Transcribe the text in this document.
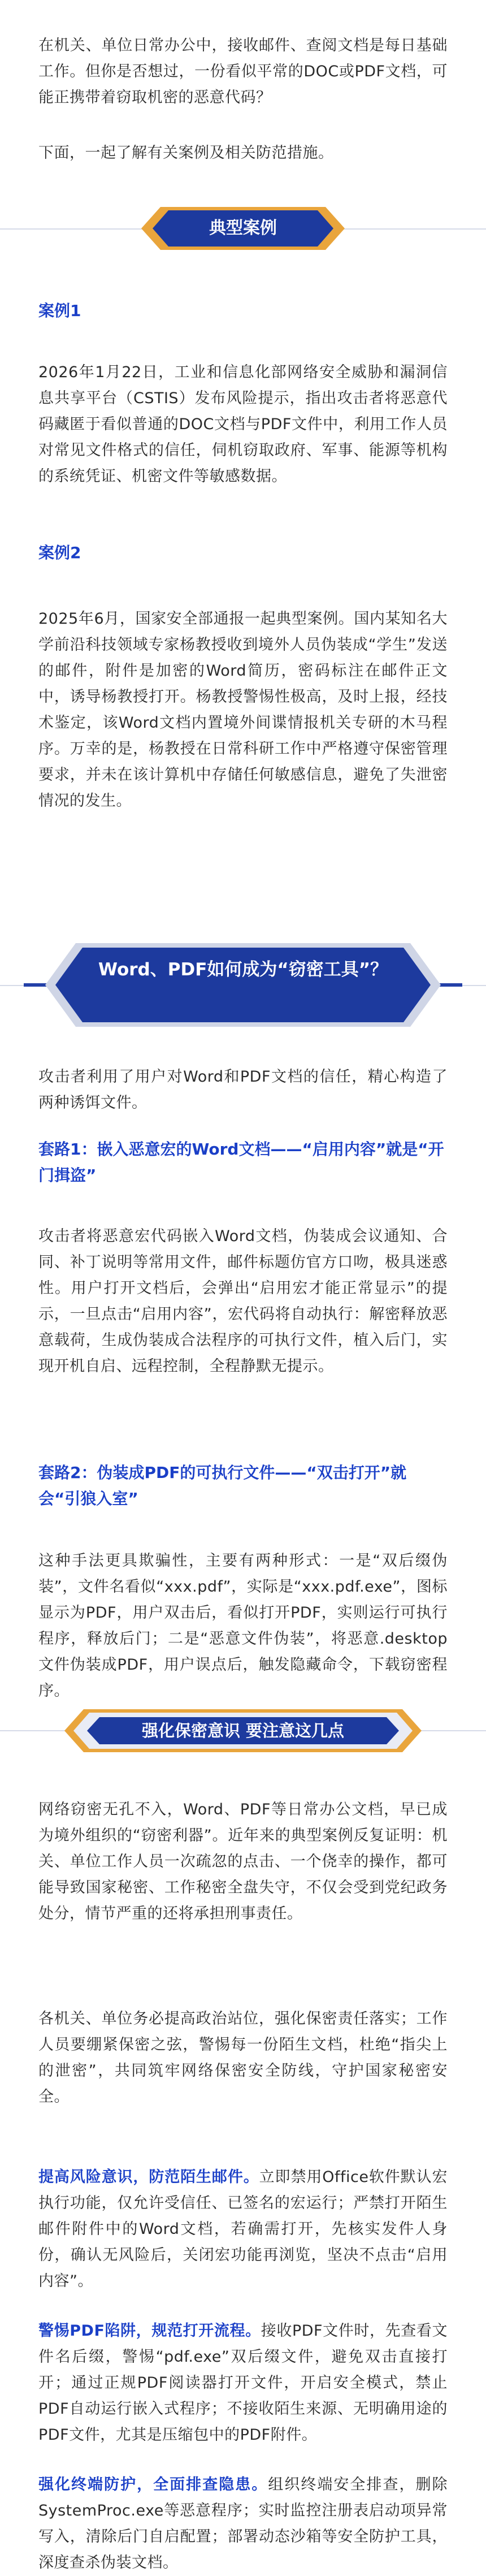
在机关、单位日常办公中，接收邮件、查阅文档是每日基础工作。但你是否想过，一份看似平常的DOC或PDF文档，可能正携带着窃取机密的恶意代码？

下面，一起了解有关案例及相关防范措施。

典型案例

案例1

2026年1月22日，工业和信息化部网络安全威胁和漏洞信息共享平台（CSTIS）发布风险提示，指出攻击者将恶意代码藏匿于看似普通的DOC文档与PDF文件中，利用工作人员对常见文件格式的信任，伺机窃取政府、军事、能源等机构的系统凭证、机密文件等敏感数据。

案例2

2025年6月，国家安全部通报一起典型案例。国内某知名大学前沿科技领域专家杨教授收到境外人员伪装成“学生”发送的邮件，附件是加密的Word简历，密码标注在邮件正文中，诱导杨教授打开。杨教授警惕性极高，及时上报，经技术鉴定，该Word文档内置境外间谍情报机关专研的木马程序。万幸的是，杨教授在日常科研工作中严格遵守保密管理要求，并未在该计算机中存储任何敏感信息，避免了失泄密情况的发生。

Word、PDF如何成为“窃密工具”？

攻击者利用了用户对Word和PDF文档的信任，精心构造了两种诱饵文件。

套路1：嵌入恶意宏的Word文档——“启用内容”就是“开门揖盗”

攻击者将恶意宏代码嵌入Word文档，伪装成会议通知、合同、补丁说明等常用文件，邮件标题仿官方口吻，极具迷惑性。用户打开文档后，会弹出“启用宏才能正常显示”的提示，一旦点击“启用内容”，宏代码将自动执行：解密释放恶意载荷，生成伪装成合法程序的可执行文件，植入后门，实现开机自启、远程控制，全程静默无提示。

套路2：伪装成PDF的可执行文件——“双击打开”就会“引狼入室”

这种手法更具欺骗性，主要有两种形式：一是“双后缀伪装”，文件名看似“xxx.pdf”，实际是“xxx.pdf.exe”，图标显示为PDF，用户双击后，看似打开PDF，实则运行可执行程序，释放后门；二是“恶意文件伪装”，将恶意.desktop文件伪装成PDF，用户误点后，触发隐藏命令，下载窃密程序。

强化保密意识 要注意这几点

网络窃密无孔不入，Word、PDF等日常办公文档，早已成为境外组织的“窃密利器”。近年来的典型案例反复证明：机关、单位工作人员一次疏忽的点击、一个侥幸的操作，都可能导致国家秘密、工作秘密全盘失守，不仅会受到党纪政务处分，情节严重的还将承担刑事责任。

各机关、单位务必提高政治站位，强化保密责任落实；工作人员要绷紧保密之弦，警惕每一份陌生文档，杜绝“指尖上的泄密”，共同筑牢网络保密安全防线，守护国家秘密安全。

提高风险意识，防范陌生邮件。立即禁用Office软件默认宏执行功能，仅允许受信任、已签名的宏运行；严禁打开陌生邮件附件中的Word文档，若确需打开，先核实发件人身份，确认无风险后，关闭宏功能再浏览，坚决不点击“启用内容”。

警惕PDF陷阱，规范打开流程。接收PDF文件时，先查看文件名后缀，警惕“pdf.exe”双后缀文件，避免双击直接打开；通过正规PDF阅读器打开文件，开启安全模式，禁止PDF自动运行嵌入式程序；不接收陌生来源、无明确用途的PDF文件，尤其是压缩包中的PDF附件。

强化终端防护，全面排查隐患。组织终端安全排查，删除SystemProc.exe等恶意程序；实时监控注册表启动项异常写入，清除后门自启配置；部署动态沙箱等安全防护工具，深度查杀伪装文档。
